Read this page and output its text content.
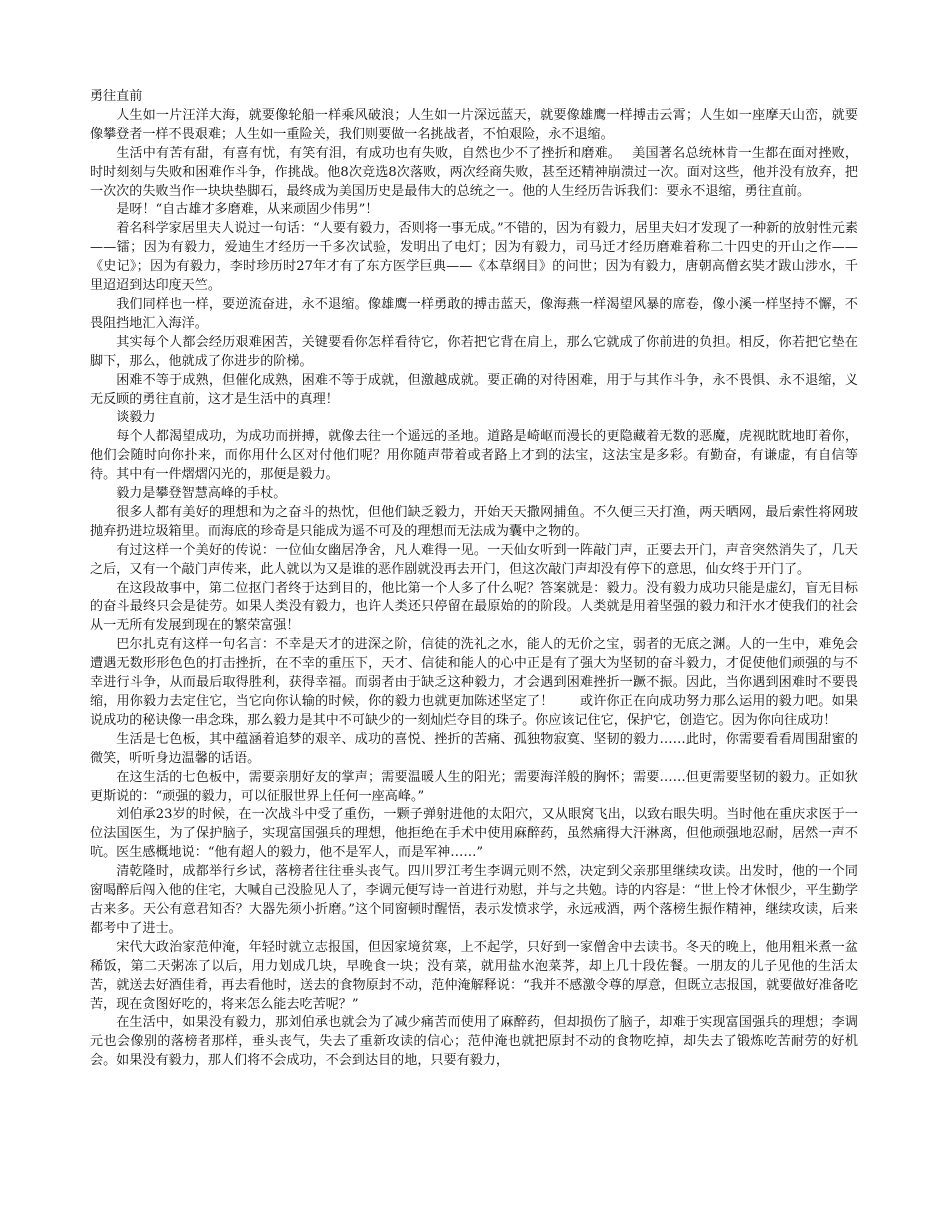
勇往直前

人生如一片汪洋大海，就要像轮船一样乘风破浪；人生如一片深远蓝天，就要像雄鹰一样搏击云霄；人生如一座摩天山峦，就要像攀登者一样不畏艰难；人生如一重险关，我们则要做一名挑战者，不怕艰险，永不退缩。

生活中有苦有甜，有喜有忧，有笑有泪，有成功也有失败，自然也少不了挫折和磨难。　 美国著名总统林肯一生都在面对挫败，时时刻刻与失败和困难作斗争，作挑战。他8次竞选8次落败，两次经商失败，甚至还精神崩溃过一次。面对这些，他并没有放弃，把一次次的失败当作一块块垫脚石，最终成为美国历史是最伟大的总统之一。他的人生经历告诉我们：要永不退缩，勇往直前。

是呀！“自古雄才多磨难，从来顽固少伟男”！

着名科学家居里夫人说过一句话：“人要有毅力，否则将一事无成。”不错的，因为有毅力，居里夫妇才发现了一种新的放射性元素——镭；因为有毅力，爱迪生才经历一千多次试验，发明出了电灯；因为有毅力，司马迁才经历磨难着称二十四史的开山之作——《史记》；因为有毅力，李时珍历时27年才有了东方医学巨典——《本草纲目》的问世；因为有毅力，唐朝高僧玄奘才跋山涉水，千里迢迢到达印度天竺。

我们同样也一样，要逆流奋进，永不退缩。像雄鹰一样勇敢的搏击蓝天，像海燕一样渴望风暴的席卷，像小溪一样坚持不懈，不畏阻挡地汇入海洋。

其实每个人都会经历艰难困苦，关键要看你怎样看待它，你若把它背在肩上，那么它就成了你前进的负担。相反，你若把它垫在脚下，那么，他就成了你进步的阶梯。

困难不等于成熟，但催化成熟，困难不等于成就，但激越成就。要正确的对待困难，用于与其作斗争，永不畏惧、永不退缩，义无反顾的勇往直前，这才是生活中的真理！

谈毅力

每个人都渴望成功，为成功而拼搏，就像去往一个遥远的圣地。道路是崎岖而漫长的更隐藏着无数的恶魔，虎视眈眈地盯着你，他们会随时向你扑来，而你用什么区对付他们呢？用你随声带着或者路上才到的法宝，这法宝是多彩。有勤奋，有谦虚，有自信等待。其中有一件熠熠闪光的，那便是毅力。

毅力是攀登智慧高峰的手杖。

很多人都有美好的理想和为之奋斗的热忱，但他们缺乏毅力，开始天天撒网捕鱼。不久便三天打渔，两天晒网，最后索性将网玻抛弃扔进垃圾箱里。而海底的珍奇是只能成为遥不可及的理想而无法成为囊中之物的。

有过这样一个美好的传说：一位仙女幽居净舍，凡人难得一见。一天仙女听到一阵敲门声，正要去开门，声音突然消失了，几天之后，又有一个敲门声传来，此人就以为又是谁的恶作剧就没再去开门，但这次敲门声却没有停下的意思，仙女终于开门了。

在这段故事中，第二位抠门者终于达到目的，他比第一个人多了什么呢？答案就是：毅力。没有毅力成功只能是虚幻，盲无目标的奋斗最终只会是徒劳。如果人类没有毅力，也许人类还只停留在最原始的的阶段。人类就是用着坚强的毅力和汗水才使我们的社会从一无所有发展到现在的繁荣富强！

巴尔扎克有这样一句名言：不幸是天才的进深之阶，信徒的洗礼之水，能人的无价之宝，弱者的无底之渊。人的一生中，难免会遭遇无数形形色色的打击挫折，在不幸的重压下，天才、信徒和能人的心中正是有了强大为坚韧的奋斗毅力，才促使他们顽强的与不幸进行斗争，从而最后取得胜利，获得幸福。而弱者由于缺乏这种毅力，才会遇到困难挫折一蹶不振。因此，当你遇到困难时不要畏缩，用你毅力去定住它，当它向你认输的时候，你的毅力也就更加陈述坚定了！　　或许你正在向成功努力那么运用的毅力吧。如果说成功的秘诀像一串念珠，那么毅力是其中不可缺少的一刻灿烂夺目的珠子。你应该记住它，保护它，创造它。因为你向往成功！

生活是七色板，其中蕴涵着追梦的艰辛、成功的喜悦、挫折的苦痛、孤独物寂寞、坚韧的毅力……此时，你需要看看周围甜蜜的微笑，听听身边温馨的话语。

在这生活的七色板中，需要亲朋好友的掌声；需要温暖人生的阳光；需要海洋般的胸怀；需要……但更需要坚韧的毅力。正如狄更斯说的：“顽强的毅力，可以征服世界上任何一座高峰。”

刘伯承23岁的时候，在一次战斗中受了重伤，一颗子弹射进他的太阳穴，又从眼窝飞出，以致右眼失明。当时他在重庆求医于一位法国医生，为了保护脑子，实现富国强兵的理想，他拒绝在手术中使用麻醉药，虽然痛得大汗淋离，但他顽强地忍耐，居然一声不吭。医生感概地说：“他有超人的毅力，他不是军人，而是军神……”

清乾隆时，成都举行乡试，落榜者往往垂头丧气。四川罗江考生李调元则不然，决定到父亲那里继续攻读。出发时，他的一个同窗喝醉后闯入他的住宅，大喊自己没脸见人了，李调元便写诗一首进行劝慰，并与之共勉。诗的内容是：“世上怜才休恨少，平生勤学古来多。天公有意君知否？大器先须小折磨。”这个同窗顿时醒悟，表示发愤求学，永远戒酒，两个落榜生振作精神，继续攻读，后来都考中了进士。

宋代大政治家范仲淹，年轻时就立志报国，但因家境贫寒，上不起学，只好到一家僧舍中去读书。冬天的晚上，他用粗米煮一盆稀饭，第二天粥冻了以后，用力划成几块，早晚食一块；没有菜，就用盐水泡菜荠，却上几十段佐餐。一朋友的儿子见他的生活太苦，就送去好酒佳肴，再去看他时，送去的食物原封不动，范仲淹解释说：“我并不感激令尊的厚意，但既立志报国，就要做好准备吃苦，现在贪图好吃的，将来怎么能去吃苦呢？”

在生活中，如果没有毅力，那刘伯承也就会为了减少痛苦而使用了麻醉药，但却损伤了脑子，却难于实现富国强兵的理想；李调元也会像别的落榜者那样，垂头丧气，失去了重新攻读的信心；范仲淹也就把原封不动的食物吃掉，却失去了锻炼吃苦耐劳的好机会。如果没有毅力，那人们将不会成功，不会到达目的地，只要有毅力，
